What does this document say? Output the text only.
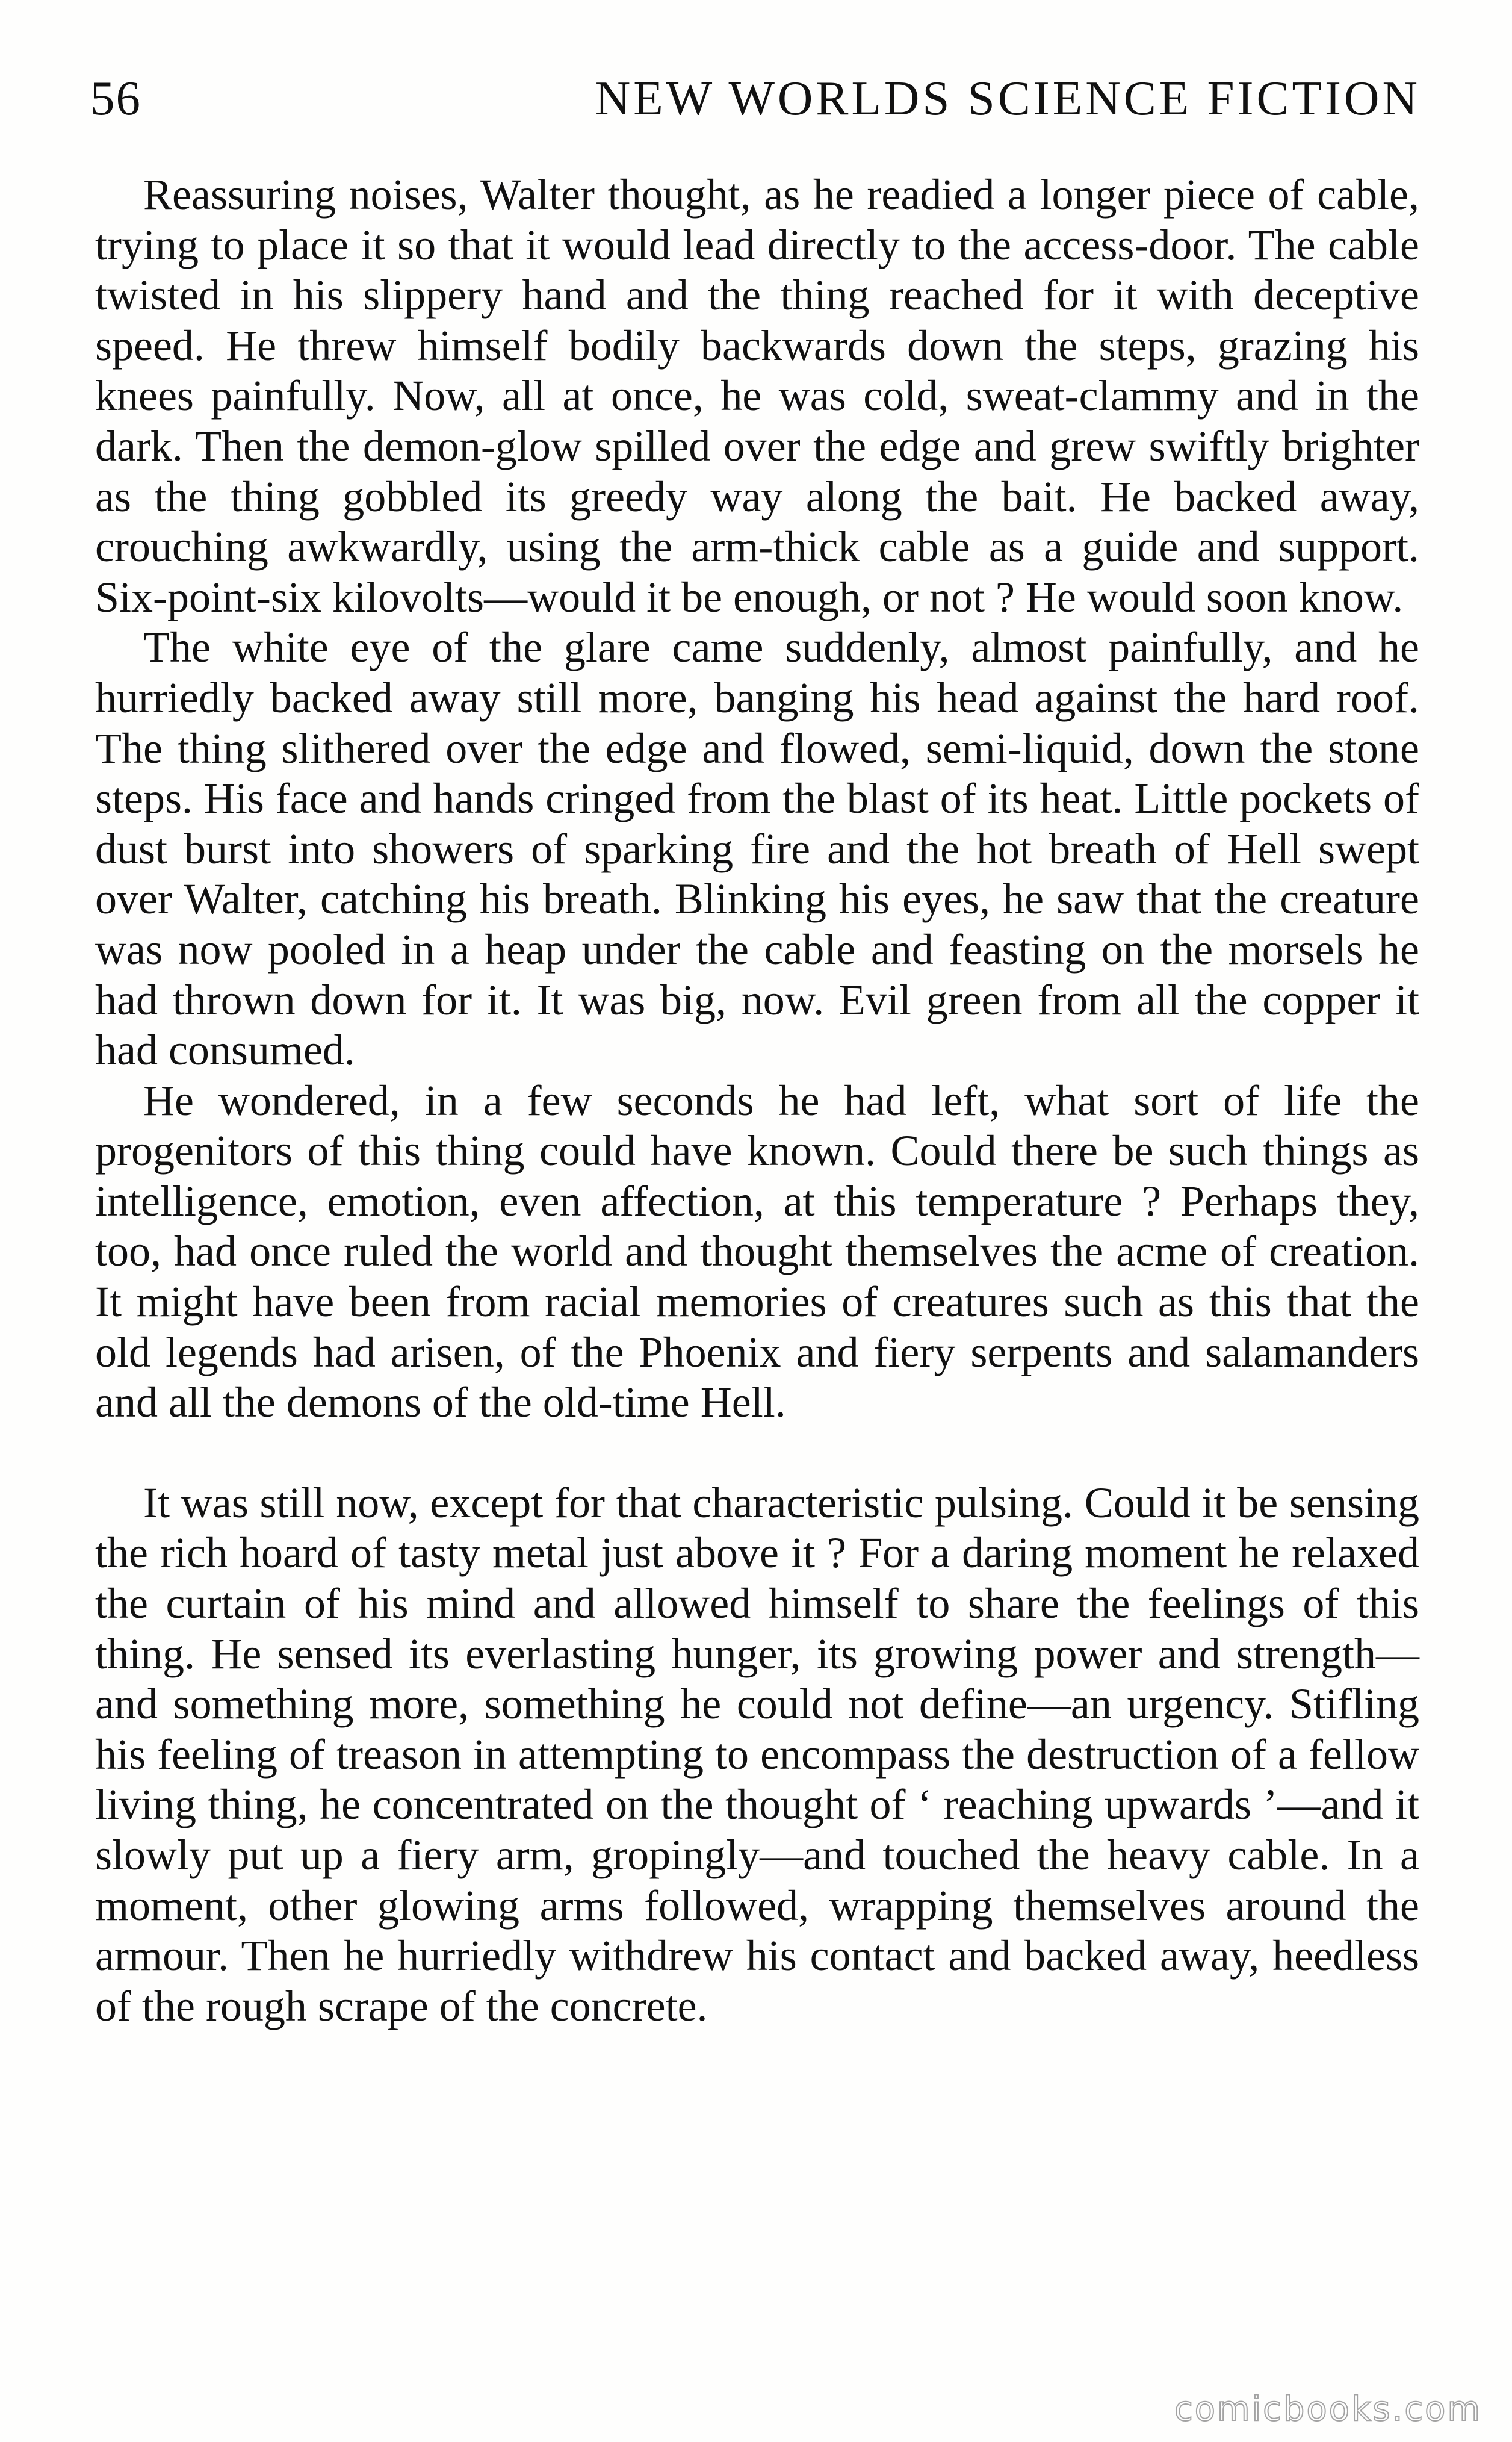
56	NEW WORLDS SCIENCE FICTION

Reassuring noises, Walter thought, as he readied a longer piece of cable, trying to place it so that it would lead directly to the access-door. The cable twisted in his slippery hand and the thing reached for it with deceptive speed. He threw himself bodily backwards down the steps, grazing his knees painfully. Now, all at once, he was cold, sweat-clammy and in the dark. Then the demon-glow spilled over the edge and grew swiftly brighter as the thing gobbled its greedy way along the bait. He backed away, crouching awkwardly, using the arm-thick cable as a guide and support. Six-point-six kilovolts—would it be enough, or not ? He would soon know.

The white eye of the glare came suddenly, almost painfully, and he hurriedly backed away still more, banging his head against the hard roof. The thing slithered over the edge and flowed, semi-liquid, down the stone steps. His face and hands cringed from the blast of its heat. Little pockets of dust burst into showers of sparking fire and the hot breath of Hell swept over Walter, catching his breath. Blinking his eyes, he saw that the creature was now pooled in a heap under the cable and feasting on the morsels he had thrown down for it. It was big, now. Evil green from all the copper it had consumed.

He wondered, in a few seconds he had left, what sort of life the progenitors of this thing could have known. Could there be such things as intelligence, emotion, even affection, at this temperature ? Perhaps they, too, had once ruled the world and thought themselves the acme of creation. It might have been from racial memories of creatures such as this that the old legends had arisen, of the Phoenix and fiery serpents and salamanders and all the demons of the old-time Hell.

It was still now, except for that characteristic pulsing. Could it be sensing the rich hoard of tasty metal just above it ? For a daring moment he relaxed the curtain of his mind and allowed himself to share the feelings of this thing. He sensed its everlasting hunger, its growing power and strength—and something more, something he could not define—an urgency. Stifling his feeling of treason in attempting to encompass the destruction of a fellow living thing, he concentrated on the thought of ‘ reaching upwards ’—and it slowly put up a fiery arm, gropingly—and touched the heavy cable. In a moment, other glowing arms followed, wrapping themselves around the armour. Then he hurriedly withdrew his contact and backed away, heedless of the rough scrape of the concrete.

comicbooks.com
